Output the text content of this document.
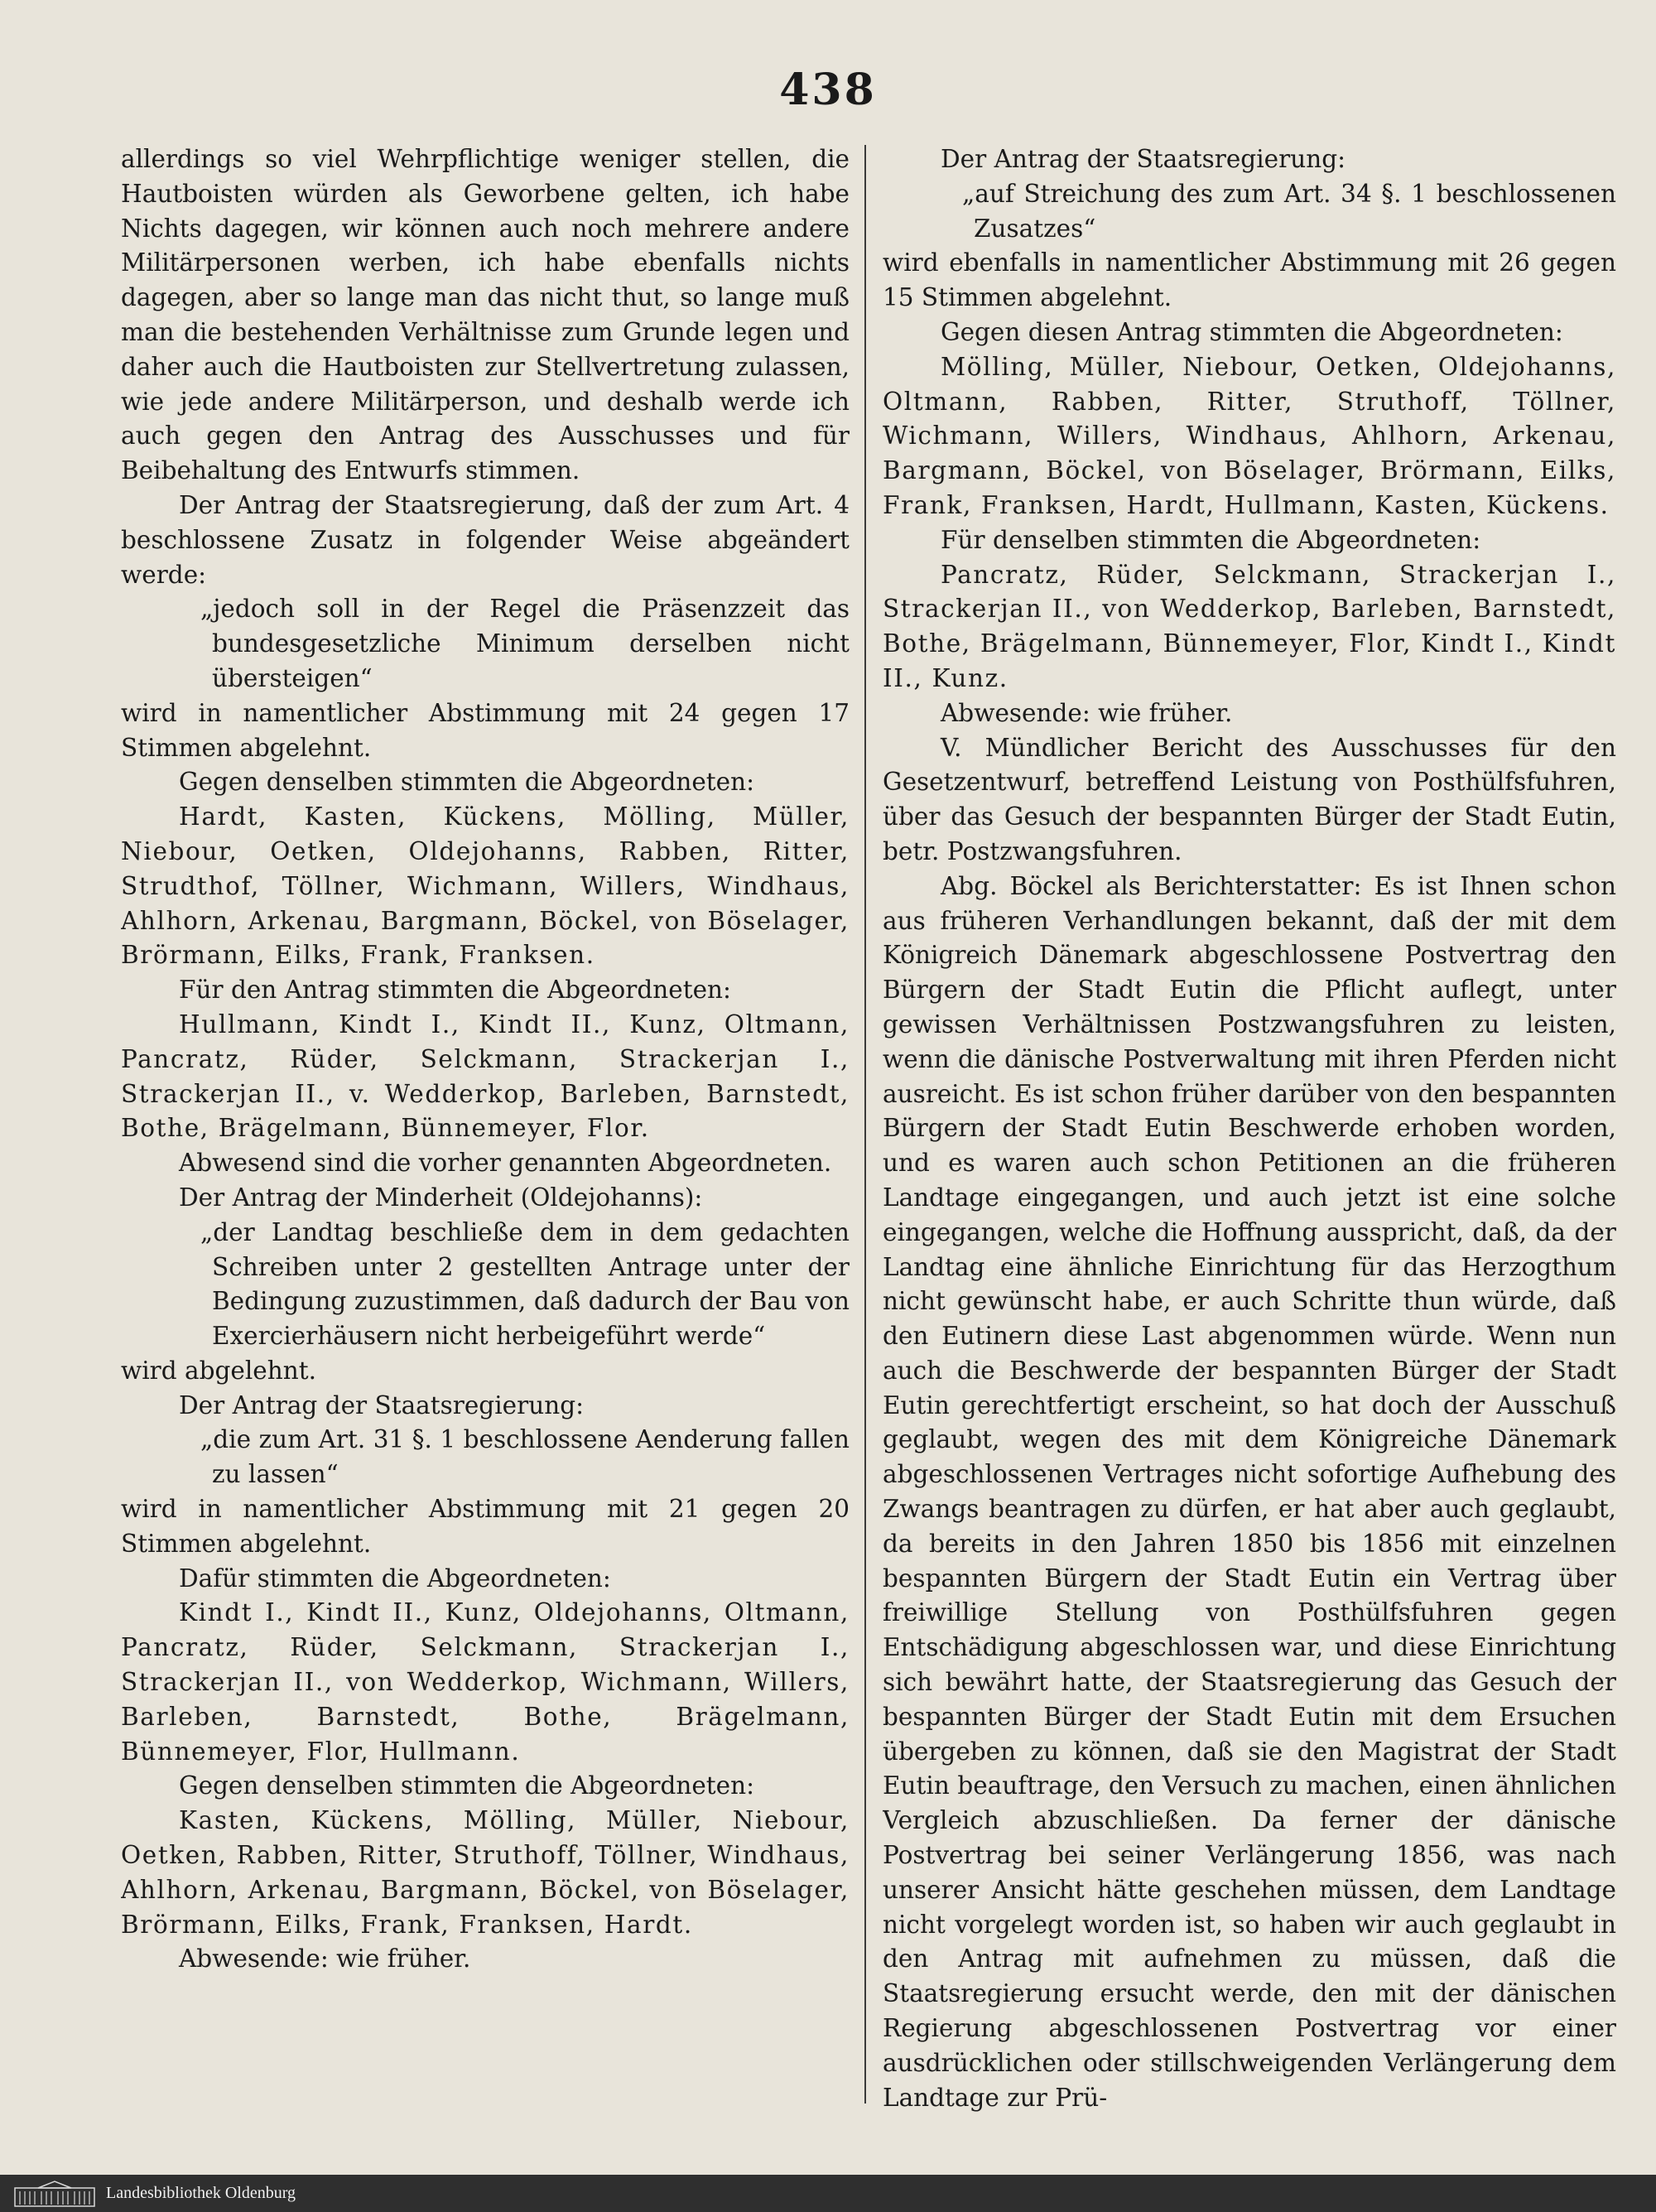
438

allerdings so viel Wehrpflichtige weniger stellen, die Hautboisten würden als Geworbene gelten, ich habe Nichts dagegen, wir können auch noch mehrere andere Militärpersonen werben, ich habe ebenfalls nichts dagegen, aber so lange man das nicht thut, so lange muß man die bestehenden Verhältnisse zum Grunde legen und daher auch die Hautboisten zur Stellvertretung zulassen, wie jede andere Militärperson, und deshalb werde ich auch gegen den Antrag des Ausschusses und für Beibehaltung des Entwurfs stimmen.

Der Antrag der Staatsregierung, daß der zum Art. 4 beschlossene Zusatz in folgender Weise abgeändert werde:

„jedoch soll in der Regel die Präsenzzeit das bundesgesetzliche Minimum derselben nicht übersteigen“

wird in namentlicher Abstimmung mit 24 gegen 17 Stimmen abgelehnt.

Gegen denselben stimmten die Abgeordneten:

Hardt, Kasten, Kückens, Mölling, Müller, Niebour, Oetken, Oldejohanns, Rabben, Ritter, Strudthof, Töllner, Wichmann, Willers, Windhaus, Ahlhorn, Arkenau, Bargmann, Böckel, von Böselager, Brörmann, Eilks, Frank, Franksen.

Für den Antrag stimmten die Abgeordneten:

Hullmann, Kindt I., Kindt II., Kunz, Oltmann, Pancratz, Rüder, Selckmann, Strackerjan I., Strackerjan II., v. Wedderkop, Barleben, Barnstedt, Bothe, Brägelmann, Bünnemeyer, Flor.

Abwesend sind die vorher genannten Abgeordneten.

Der Antrag der Minderheit (Oldejohanns):

„der Landtag beschließe dem in dem gedachten Schreiben unter 2 gestellten Antrage unter der Bedingung zuzustimmen, daß dadurch der Bau von Exercierhäusern nicht herbeigeführt werde“

wird abgelehnt.

Der Antrag der Staatsregierung:

„die zum Art. 31 §. 1 beschlossene Aenderung fallen zu lassen“

wird in namentlicher Abstimmung mit 21 gegen 20 Stimmen abgelehnt.

Dafür stimmten die Abgeordneten:

Kindt I., Kindt II., Kunz, Oldejohanns, Oltmann, Pancratz, Rüder, Selckmann, Strackerjan I., Strackerjan II., von Wedderkop, Wichmann, Willers, Barleben, Barnstedt, Bothe, Brägelmann, Bünnemeyer, Flor, Hullmann.

Gegen denselben stimmten die Abgeordneten:

Kasten, Kückens, Mölling, Müller, Niebour, Oetken, Rabben, Ritter, Struthoff, Töllner, Windhaus, Ahlhorn, Arkenau, Bargmann, Böckel, von Böselager, Brörmann, Eilks, Frank, Franksen, Hardt.

Abwesende: wie früher.

Der Antrag der Staatsregierung:

„auf Streichung des zum Art. 34 §. 1 beschlossenen Zusatzes“

wird ebenfalls in namentlicher Abstimmung mit 26 gegen 15 Stimmen abgelehnt.

Gegen diesen Antrag stimmten die Abgeordneten:

Mölling, Müller, Niebour, Oetken, Oldejohanns, Oltmann, Rabben, Ritter, Struthoff, Töllner, Wichmann, Willers, Windhaus, Ahlhorn, Arkenau, Bargmann, Böckel, von Böselager, Brörmann, Eilks, Frank, Franksen, Hardt, Hullmann, Kasten, Kückens.

Für denselben stimmten die Abgeordneten:

Pancratz, Rüder, Selckmann, Strackerjan I., Strackerjan II., von Wedderkop, Barleben, Barnstedt, Bothe, Brägelmann, Bünnemeyer, Flor, Kindt I., Kindt II., Kunz.

Abwesende: wie früher.

V. Mündlicher Bericht des Ausschusses für den Gesetzentwurf, betreffend Leistung von Posthülfsfuhren, über das Gesuch der bespannten Bürger der Stadt Eutin, betr. Postzwangsfuhren.

Abg. Böckel als Berichterstatter: Es ist Ihnen schon aus früheren Verhandlungen bekannt, daß der mit dem Königreich Dänemark abgeschlossene Postvertrag den Bürgern der Stadt Eutin die Pflicht auflegt, unter gewissen Verhältnissen Postzwangsfuhren zu leisten, wenn die dänische Postverwaltung mit ihren Pferden nicht ausreicht. Es ist schon früher darüber von den bespannten Bürgern der Stadt Eutin Beschwerde erhoben worden, und es waren auch schon Petitionen an die früheren Landtage eingegangen, und auch jetzt ist eine solche eingegangen, welche die Hoffnung ausspricht, daß, da der Landtag eine ähnliche Einrichtung für das Herzogthum nicht gewünscht habe, er auch Schritte thun würde, daß den Eutinern diese Last abgenommen würde. Wenn nun auch die Beschwerde der bespannten Bürger der Stadt Eutin gerechtfertigt erscheint, so hat doch der Ausschuß geglaubt, wegen des mit dem Königreiche Dänemark abgeschlossenen Vertrages nicht sofortige Aufhebung des Zwangs beantragen zu dürfen, er hat aber auch geglaubt, da bereits in den Jahren 1850 bis 1856 mit einzelnen bespannten Bürgern der Stadt Eutin ein Vertrag über freiwillige Stellung von Posthülfsfuhren gegen Entschädigung abgeschlossen war, und diese Einrichtung sich bewährt hatte, der Staatsregierung das Gesuch der bespannten Bürger der Stadt Eutin mit dem Ersuchen übergeben zu können, daß sie den Magistrat der Stadt Eutin beauftrage, den Versuch zu machen, einen ähnlichen Vergleich abzuschließen. Da ferner der dänische Postvertrag bei seiner Verlängerung 1856, was nach unserer Ansicht hätte geschehen müssen, dem Landtage nicht vorgelegt worden ist, so haben wir auch geglaubt in den Antrag mit aufnehmen zu müssen, daß die Staatsregierung ersucht werde, den mit der dänischen Regierung abgeschlossenen Postvertrag vor einer ausdrücklichen oder stillschweigenden Verlängerung dem Landtage zur Prü-

Landesbibliothek Oldenburg
